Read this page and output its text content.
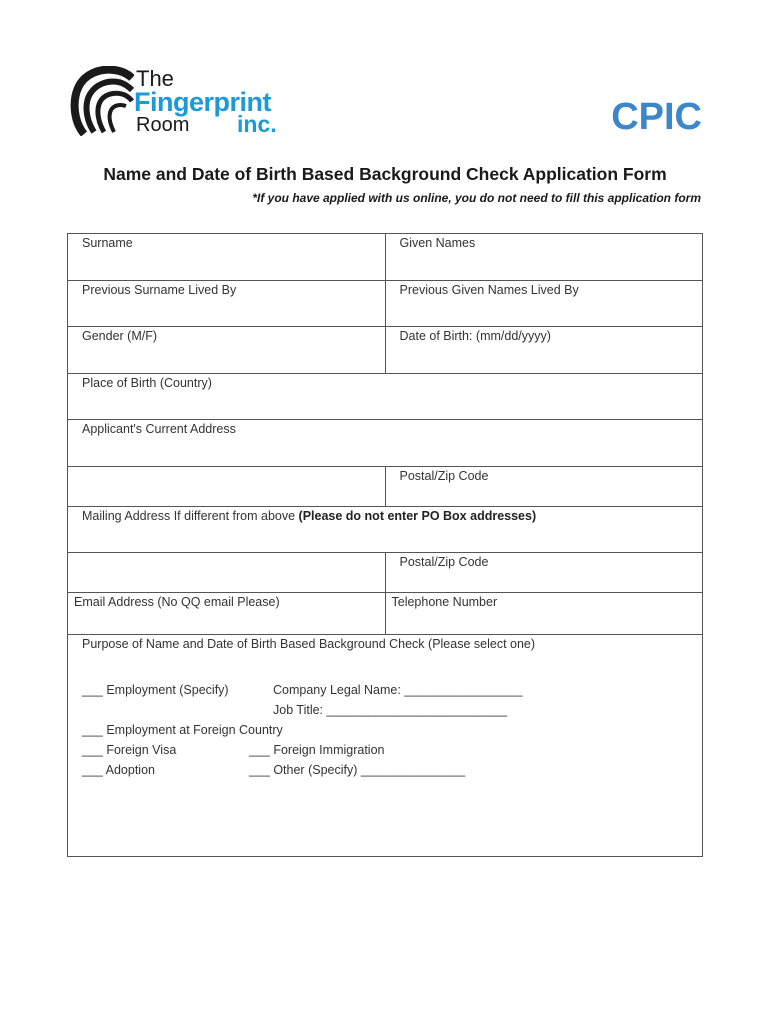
The
Fingerprint
Room inc.	CPIC
Name and Date of Birth Based Background Check Application Form
*If you have applied with us online, you do not need to fill this application form
Surname	Given Names
Previous Surname Lived By	Previous Given Names Lived By
Gender (M/F)	Date of Birth: (mm/dd/yyyy)
Place of Birth (Country)
Applicant's Current Address
Postal/Zip Code
Mailing Address If different from above (Please do not enter PO Box addresses)
Postal/Zip Code
Email Address (No QQ email Please)	Telephone Number
Purpose of Name and Date of Birth Based Background Check (Please select one)
___ Employment (Specify)	Company Legal Name: _________________
Job Title: __________________________
___ Employment at Foreign Country
___ Foreign Visa	___ Foreign Immigration
___ Adoption	___ Other (Specify) _______________
